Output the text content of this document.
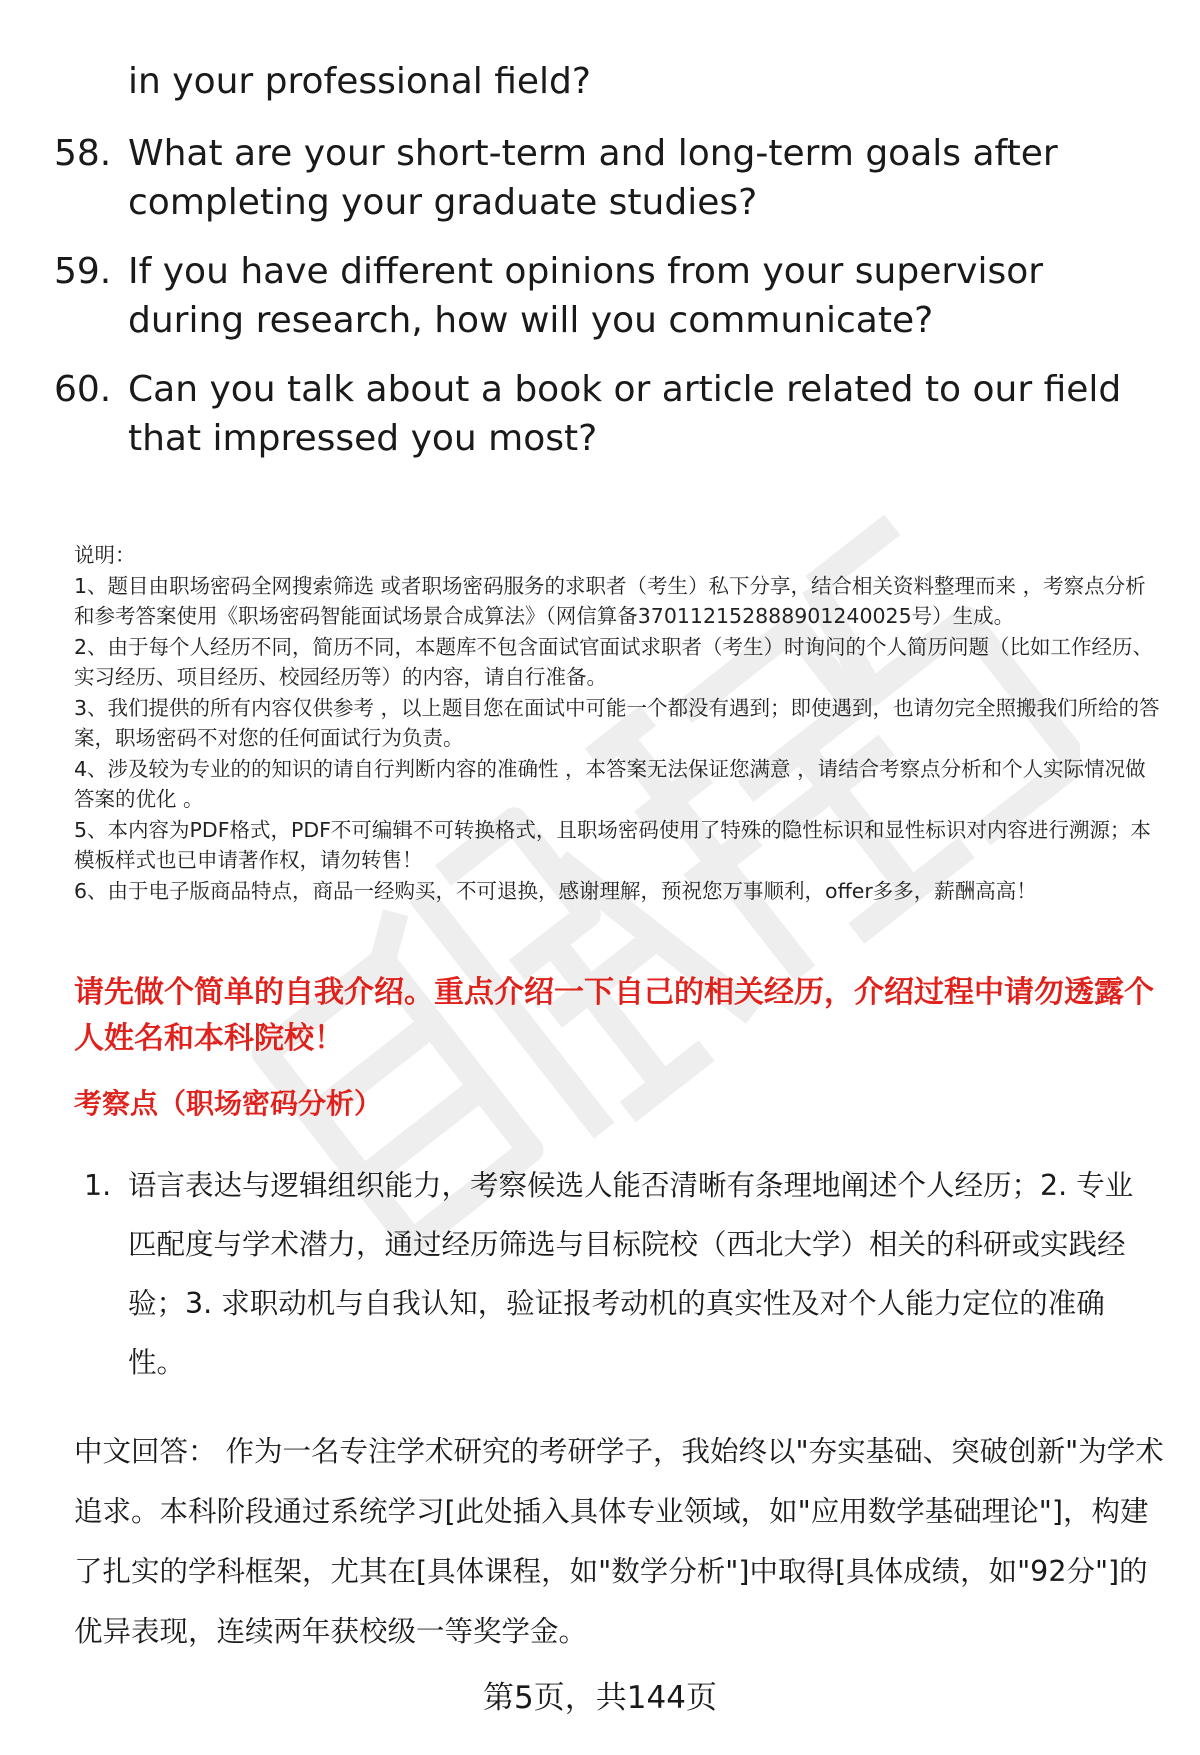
in your professional field?
58. What are your short-term and long-term goals after completing your graduate studies?
59. If you have different opinions from your supervisor during research, how will you communicate?
60. Can you talk about a book or article related to our field that impressed you most?
说明：
1、题目由职场密码全网搜索筛选 或者职场密码服务的求职者（考生）私下分享，结合相关资料整理而来 ，考察点分析和参考答案使用《职场密码智能面试场景合成算法》（网信算备370112152888901240025号）生成。
2、由于每个人经历不同，简历不同，本题库不包含面试官面试求职者（考生）时询问的个人简历问题（比如工作经历、实习经历、项目经历、校园经历等）的内容，请自行准备。
3、我们提供的所有内容仅供参考 ，以上题目您在面试中可能一个都没有遇到；即使遇到，也请勿完全照搬我们所给的答案，职场密码不对您的任何面试行为负责。
4、涉及较为专业的的知识的请自行判断内容的准确性 ，本答案无法保证您满意 ，请结合考察点分析和个人实际情况做答案的优化 。
5、本内容为PDF格式，PDF不可编辑不可转换格式，且职场密码使用了特殊的隐性标识和显性标识对内容进行溯源；本模板样式也已申请著作权，请勿转售！
6、由于电子版商品特点，商品一经购买，不可退换，感谢理解，预祝您万事顺利，offer多多，薪酬高高！
请先做个简单的自我介绍。重点介绍一下自己的相关经历，介绍过程中请勿透露个人姓名和本科院校！
考察点（职场密码分析）
1. 语言表达与逻辑组织能力，考察候选人能否清晰有条理地阐述个人经历；2. 专业匹配度与学术潜力，通过经历筛选与目标院校（西北大学）相关的科研或实践经验；3. 求职动机与自我认知，验证报考动机的真实性及对个人能力定位的准确性。
中文回答： 作为一名专注学术研究的考研学子，我始终以"夯实基础、突破创新"为学术追求。本科阶段通过系统学习[此处插入具体专业领域，如"应用数学基础理论"]，构建了扎实的学科框架，尤其在[具体课程，如"数学分析"]中取得[具体成绩，如"92分"]的优异表现，连续两年获校级一等奖学金。
第5页，共144页
